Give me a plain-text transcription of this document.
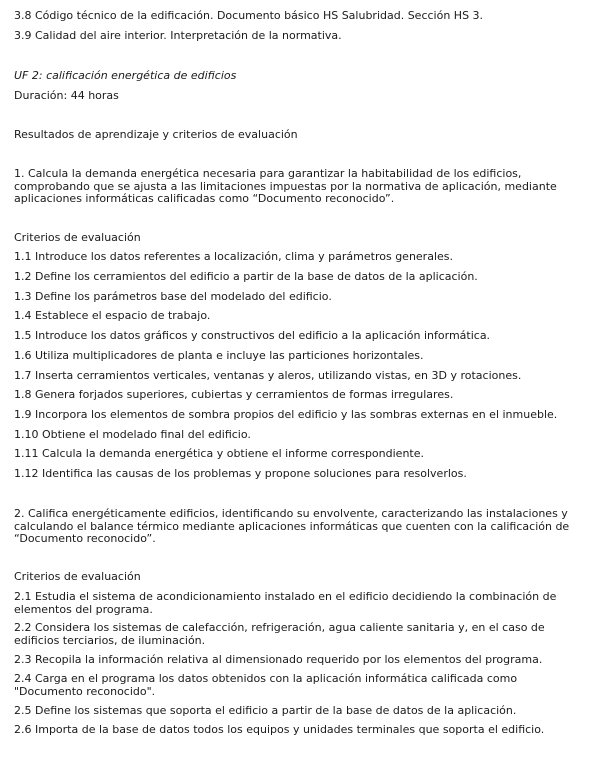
3.8 Código técnico de la edificación. Documento básico HS Salubridad. Sección HS 3.

3.9 Calidad del aire interior. Interpretación de la normativa.

UF 2: calificación energética de edificios

Duración: 44 horas

Resultados de aprendizaje y criterios de evaluación

1. Calcula la demanda energética necesaria para garantizar la habitabilidad de los edificios, comprobando que se ajusta a las limitaciones impuestas por la normativa de aplicación, mediante aplicaciones informáticas calificadas como “Documento reconocido”.

Criterios de evaluación

1.1 Introduce los datos referentes a localización, clima y parámetros generales.

1.2 Define los cerramientos del edificio a partir de la base de datos de la aplicación.

1.3 Define los parámetros base del modelado del edificio.

1.4 Establece el espacio de trabajo.

1.5 Introduce los datos gráficos y constructivos del edificio a la aplicación informática.

1.6 Utiliza multiplicadores de planta e incluye las particiones horizontales.

1.7 Inserta cerramientos verticales, ventanas y aleros, utilizando vistas, en 3D y rotaciones.

1.8 Genera forjados superiores, cubiertas y cerramientos de formas irregulares.

1.9 Incorpora los elementos de sombra propios del edificio y las sombras externas en el inmueble.

1.10 Obtiene el modelado final del edificio.

1.11 Calcula la demanda energética y obtiene el informe correspondiente.

1.12 Identifica las causas de los problemas y propone soluciones para resolverlos.

2. Califica energéticamente edificios, identificando su envolvente, caracterizando las instalaciones y calculando el balance térmico mediante aplicaciones informáticas que cuenten con la calificación de “Documento reconocido”.

Criterios de evaluación

2.1 Estudia el sistema de acondicionamiento instalado en el edificio decidiendo la combinación de elementos del programa.

2.2 Considera los sistemas de calefacción, refrigeración, agua caliente sanitaria y, en el caso de edificios terciarios, de iluminación.

2.3 Recopila la información relativa al dimensionado requerido por los elementos del programa.

2.4 Carga en el programa los datos obtenidos con la aplicación informática calificada como "Documento reconocido".

2.5 Define los sistemas que soporta el edificio a partir de la base de datos de la aplicación.

2.6 Importa de la base de datos todos los equipos y unidades terminales que soporta el edificio.
